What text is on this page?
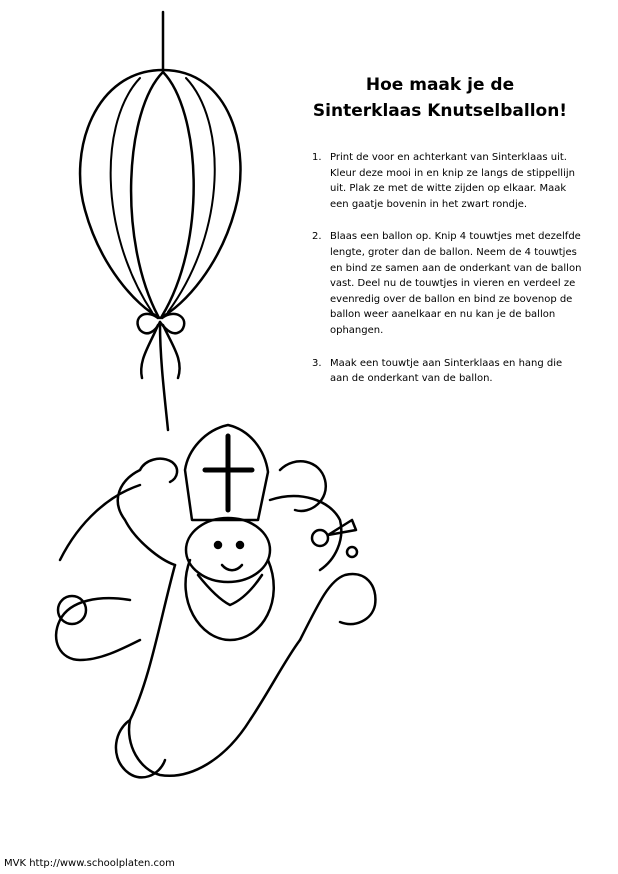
Hoe maak je de
Sinterklaas Knutselballon!
1. Print de voor en achterkant van Sinterklaas uit. Kleur deze mooi in en knip ze langs de stippellijn uit. Plak ze met de witte zijden op elkaar. Maak een gaatje bovenin in het zwart rondje.
2. Blaas een ballon op. Knip 4 touwtjes met dezelfde lengte, groter dan de ballon. Neem de 4 touwtjes en bind ze samen aan de onderkant van de ballon vast. Deel nu de touwtjes in vieren en verdeel ze evenredig over de ballon en bind ze bovenop de ballon weer aanelkaar en nu kan je de ballon ophangen.
3. Maak een touwtje aan Sinterklaas en hang die aan de onderkant van de ballon.
MVK http://www.schoolplaten.com
